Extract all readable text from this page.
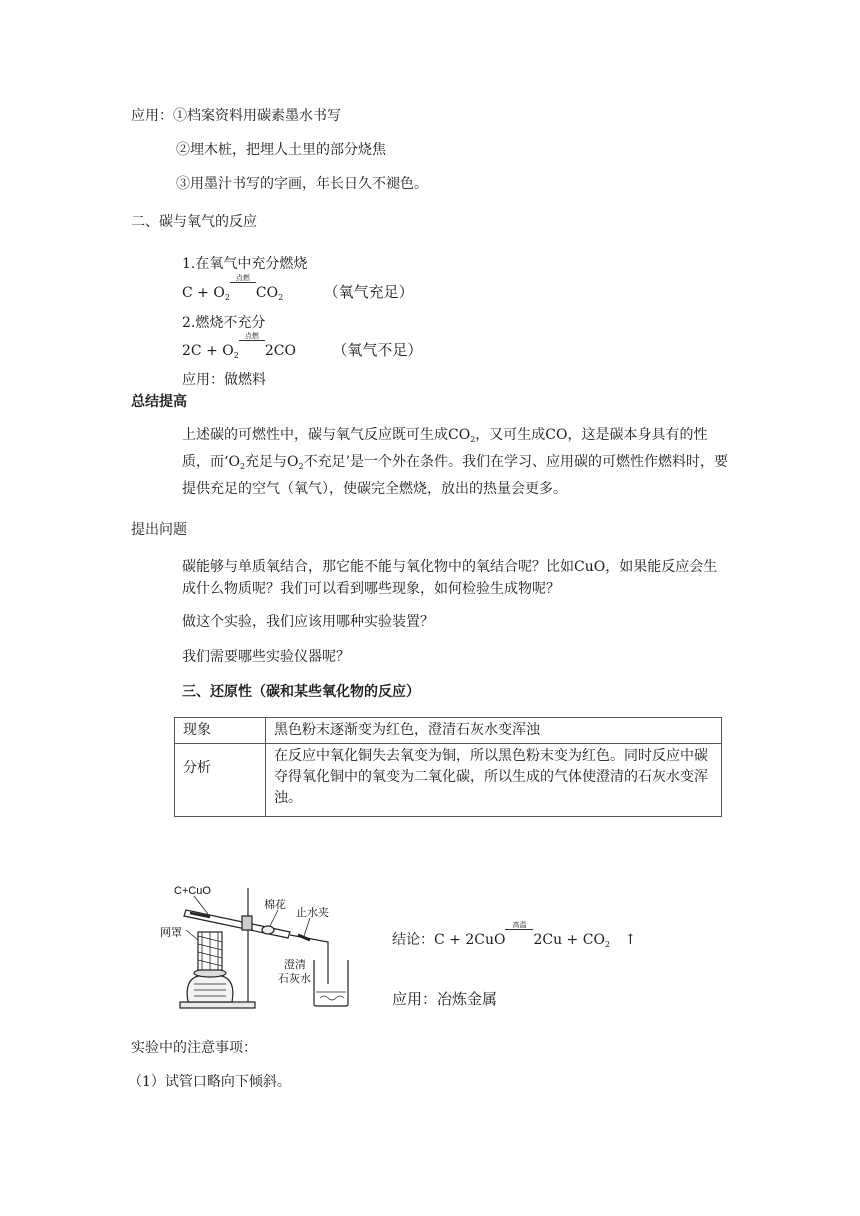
应用：①档案资料用碳素墨水书写
②埋木桩，把埋人土里的部分烧焦
③用墨汁书写的字画，年长日久不褪色。
二、碳与氧气的反应
1.在氧气中充分燃烧
$C + O_2$
点燃
$CO_2$	（氧气充足）
2.燃烧不充分
$2C + O_2$
点燃
2CO （氧气不足）
应用：做燃料
总结提高
上述碳的可燃性中，碳与氧气反应既可生成$CO_2$，又可生成CO，这是碳本身具有的性质，而‘$O_2$充足与$O_2$不充足’是一个外在条件。我们在学习、应用碳的可燃性作燃料时，要提供充足的空气（氧气），使碳完全燃烧，放出的热量会更多。
提出问题
碳能够与单质氧结合，那它能不能与氧化物中的氧结合呢？比如CuO，如果能反应会生成什么物质呢？我们可以看到哪些现象，如何检验生成物呢？
做这个实验，我们应该用哪种实验装置？
我们需要哪些实验仪器呢？
三、还原性（碳和某些氧化物的反应）
现象	黑色粉末逐渐变为红色，澄清石灰水变浑浊
分析	在反应中氧化铜失去氧变为铜，所以黑色粉末变为红色。同时反应中碳夺得氧化铜中的氧变为二氧化碳，所以生成的气体使澄清的石灰水变浑浊。
C+CuO
网罩
棉花
止水夹
澄清
石灰水
结论：C + 2CuO
高温
$2Cu + CO_2$ ↑
应用：冶炼金属
实验中的注意事项：
（1）试管口略向下倾斜。
